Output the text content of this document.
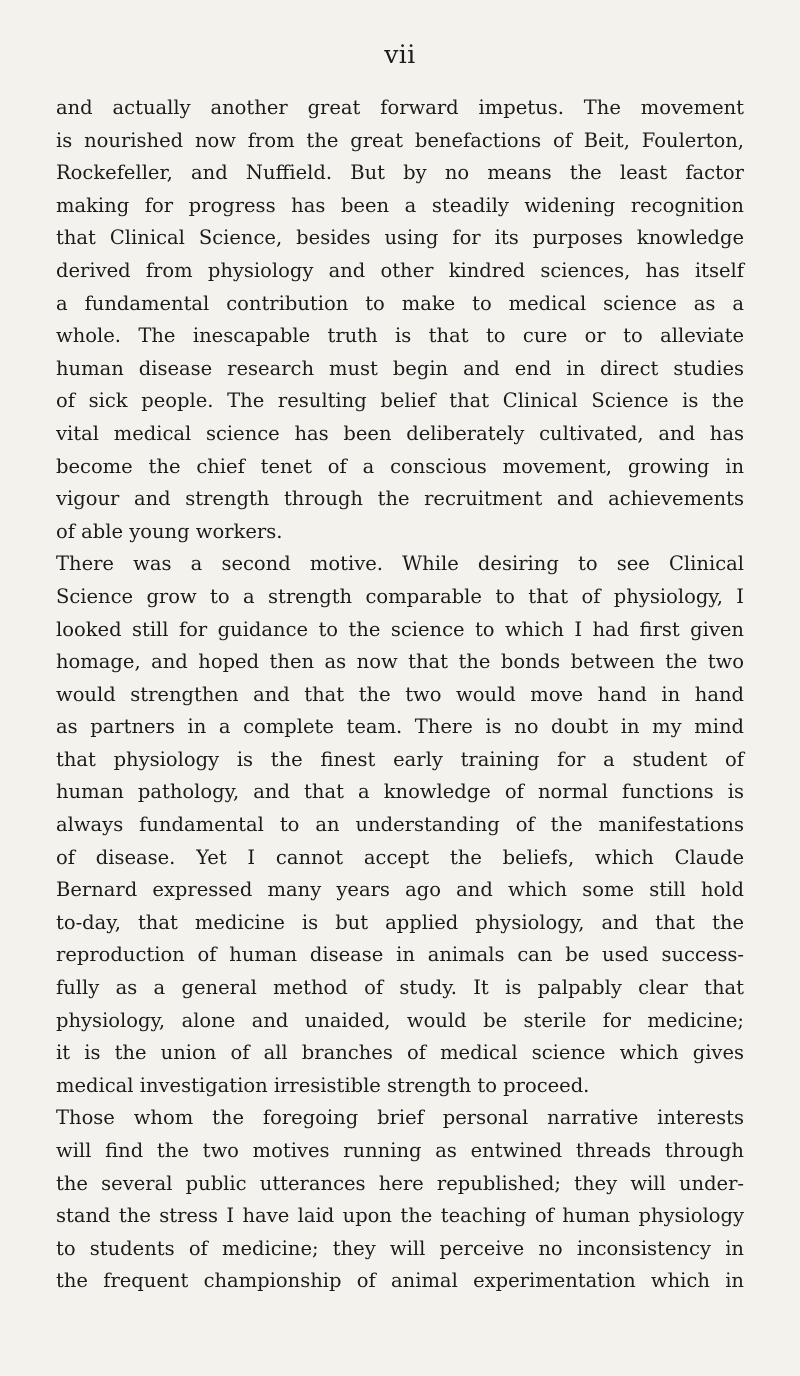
vii
and actually another great forward impetus. The movement
is nourished now from the great benefactions of Beit, Foulerton,
Rockefeller, and Nuffield. But by no means the least factor
making for progress has been a steadily widening recognition
that Clinical Science, besides using for its purposes knowledge
derived from physiology and other kindred sciences, has itself
a fundamental contribution to make to medical science as a
whole. The inescapable truth is that to cure or to alleviate
human disease research must begin and end in direct studies
of sick people. The resulting belief that Clinical Science is the
vital medical science has been deliberately cultivated, and has
become the chief tenet of a conscious movement, growing in
vigour and strength through the recruitment and achievements
of able young workers.
There was a second motive. While desiring to see Clinical
Science grow to a strength comparable to that of physiology, I
looked still for guidance to the science to which I had first given
homage, and hoped then as now that the bonds between the two
would strengthen and that the two would move hand in hand
as partners in a complete team. There is no doubt in my mind
that physiology is the finest early training for a student of
human pathology, and that a knowledge of normal functions is
always fundamental to an understanding of the manifestations
of disease. Yet I cannot accept the beliefs, which Claude
Bernard expressed many years ago and which some still hold
to-day, that medicine is but applied physiology, and that the
reproduction of human disease in animals can be used success-
fully as a general method of study. It is palpably clear that
physiology, alone and unaided, would be sterile for medicine;
it is the union of all branches of medical science which gives
medical investigation irresistible strength to proceed.
Those whom the foregoing brief personal narrative interests
will find the two motives running as entwined threads through
the several public utterances here republished; they will under-
stand the stress I have laid upon the teaching of human physiology
to students of medicine; they will perceive no inconsistency in
the frequent championship of animal experimentation which in
